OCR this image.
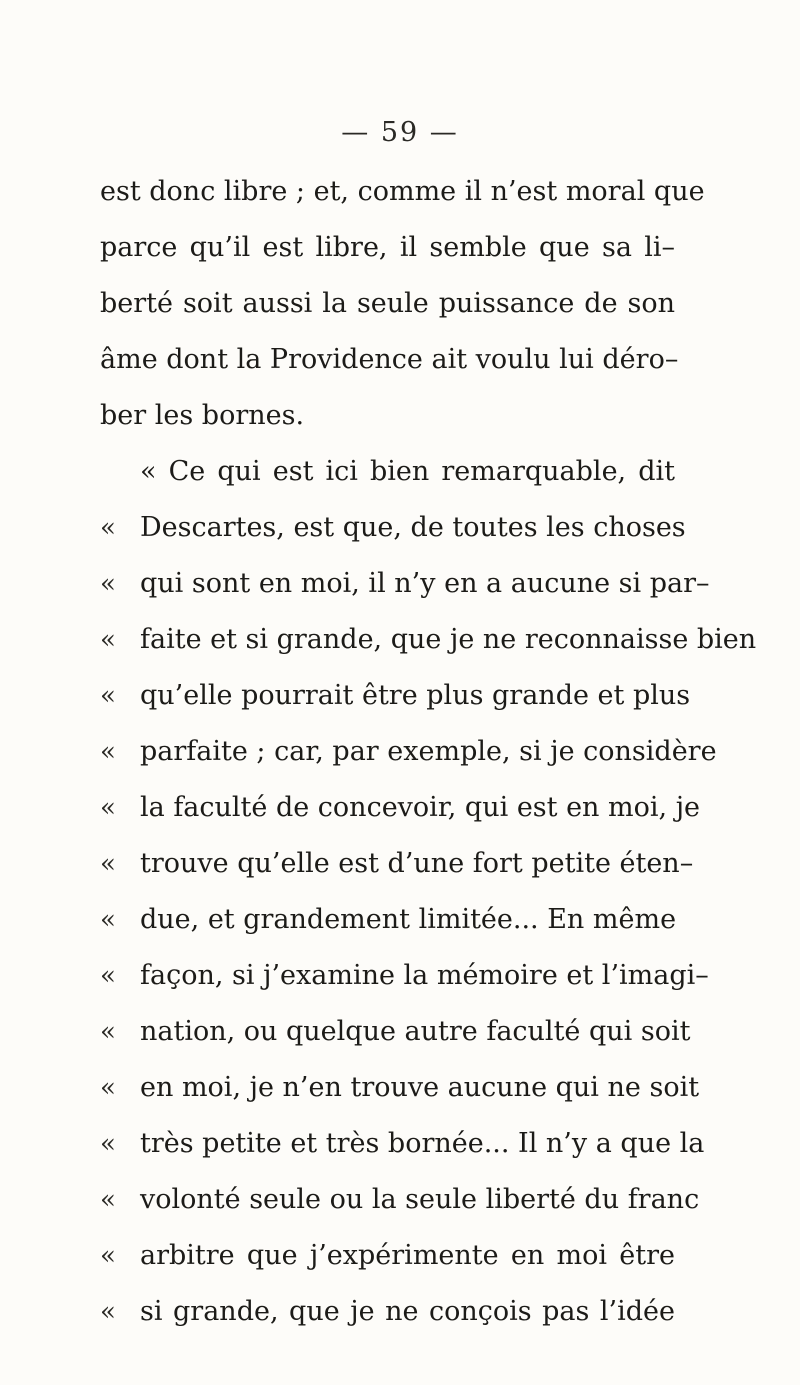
— 59 —
est donc libre ; et, comme il n’est moral que
parce qu’il est libre, il semble que sa li–
berté soit aussi la seule puissance de son
âme dont la Providence ait voulu lui déro–
ber les bornes.
« Ce qui est ici bien remarquable, dit
« Descartes, est que, de toutes les choses
« qui sont en moi, il n’y en a aucune si par–
« faite et si grande, que je ne reconnaisse bien
« qu’elle pourrait être plus grande et plus
« parfaite ; car, par exemple, si je considère
« la faculté de concevoir, qui est en moi, je
« trouve qu’elle est d’une fort petite éten–
« due, et grandement limitée... En même
« façon, si j’examine la mémoire et l’imagi–
« nation, ou quelque autre faculté qui soit
« en moi, je n’en trouve aucune qui ne soit
« très petite et très bornée... Il n’y a que la
« volonté seule ou la seule liberté du franc
« arbitre que j’expérimente en moi être
« si grande, que je ne conçois pas l’idée
